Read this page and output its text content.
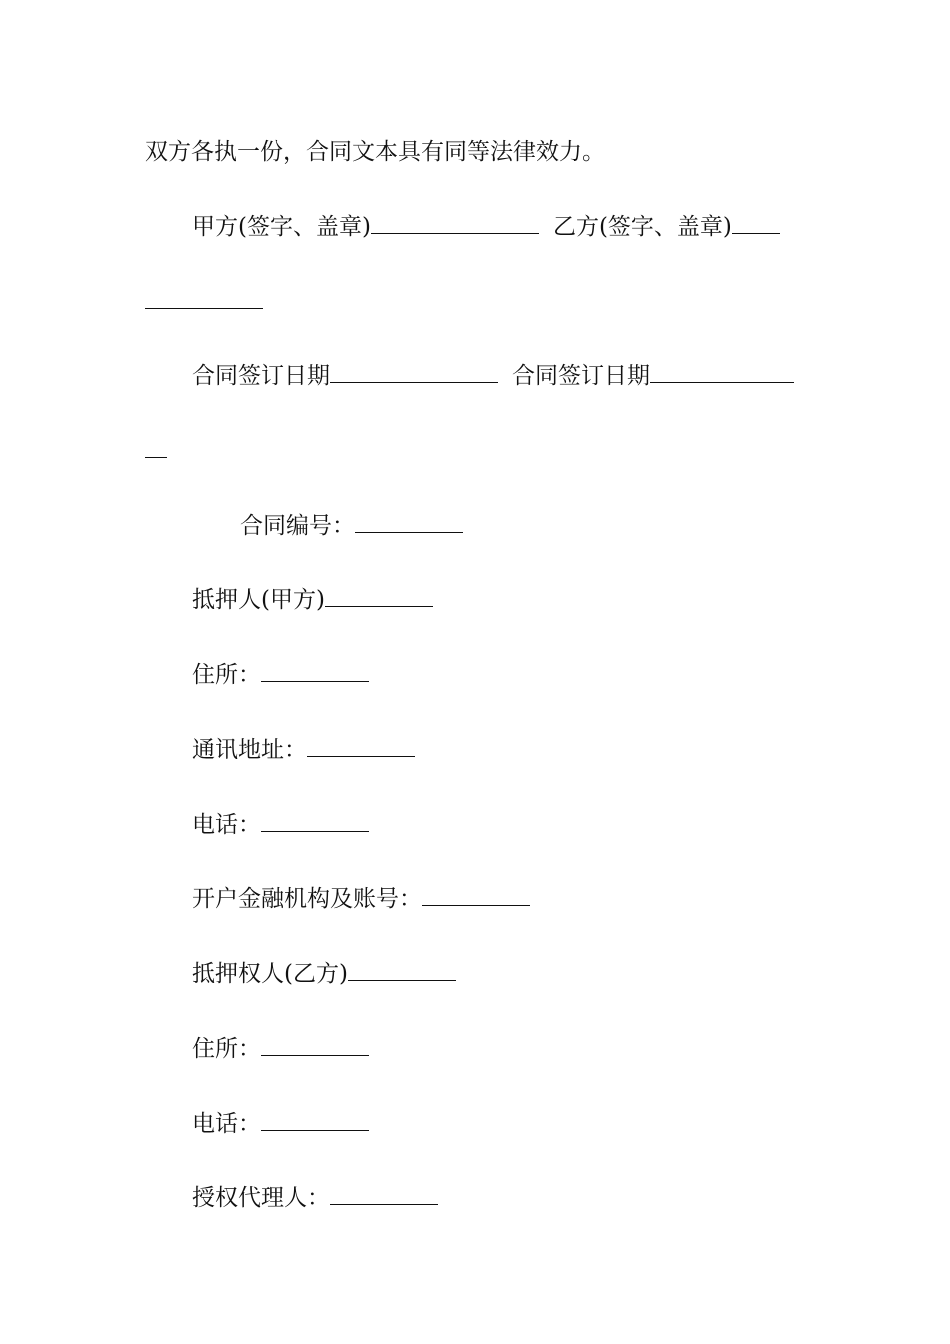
双方各执一份，合同文本具有同等法律效力。
甲方(签字、盖章)	乙方(签字、盖章)
合同签订日期	合同签订日期
合同编号：
抵押人(甲方)
住所：
通讯地址：
电话：
开户金融机构及账号：
抵押权人(乙方)
住所：
电话：
授权代理人：
